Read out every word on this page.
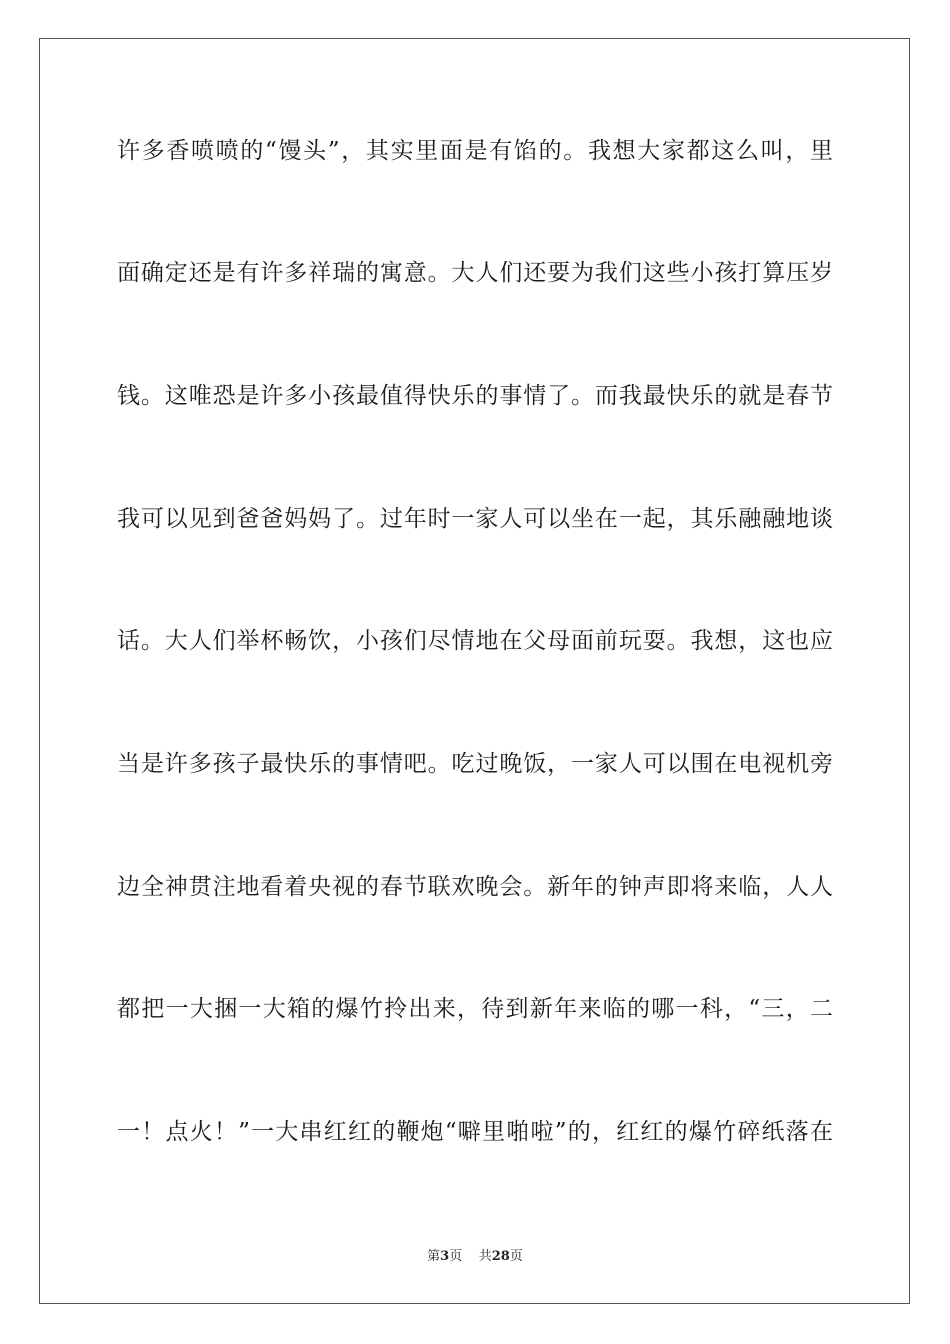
许多香喷喷的“馒头”，其实里面是有馅的。我想大家都这么叫，里
面确定还是有许多祥瑞的寓意。大人们还要为我们这些小孩打算压岁
钱。这唯恐是许多小孩最值得快乐的事情了。而我最快乐的就是春节
我可以见到爸爸妈妈了。过年时一家人可以坐在一起，其乐融融地谈
话。大人们举杯畅饮，小孩们尽情地在父母面前玩耍。我想，这也应
当是许多孩子最快乐的事情吧。吃过晚饭，一家人可以围在电视机旁
边全神贯注地看着央视的春节联欢晚会。新年的钟声即将来临，人人
都把一大捆一大箱的爆竹拎出来，待到新年来临的哪一科，“三，二
一！点火！”一大串红红的鞭炮“噼里啪啦”的，红红的爆竹碎纸落在
第3页 共28页
